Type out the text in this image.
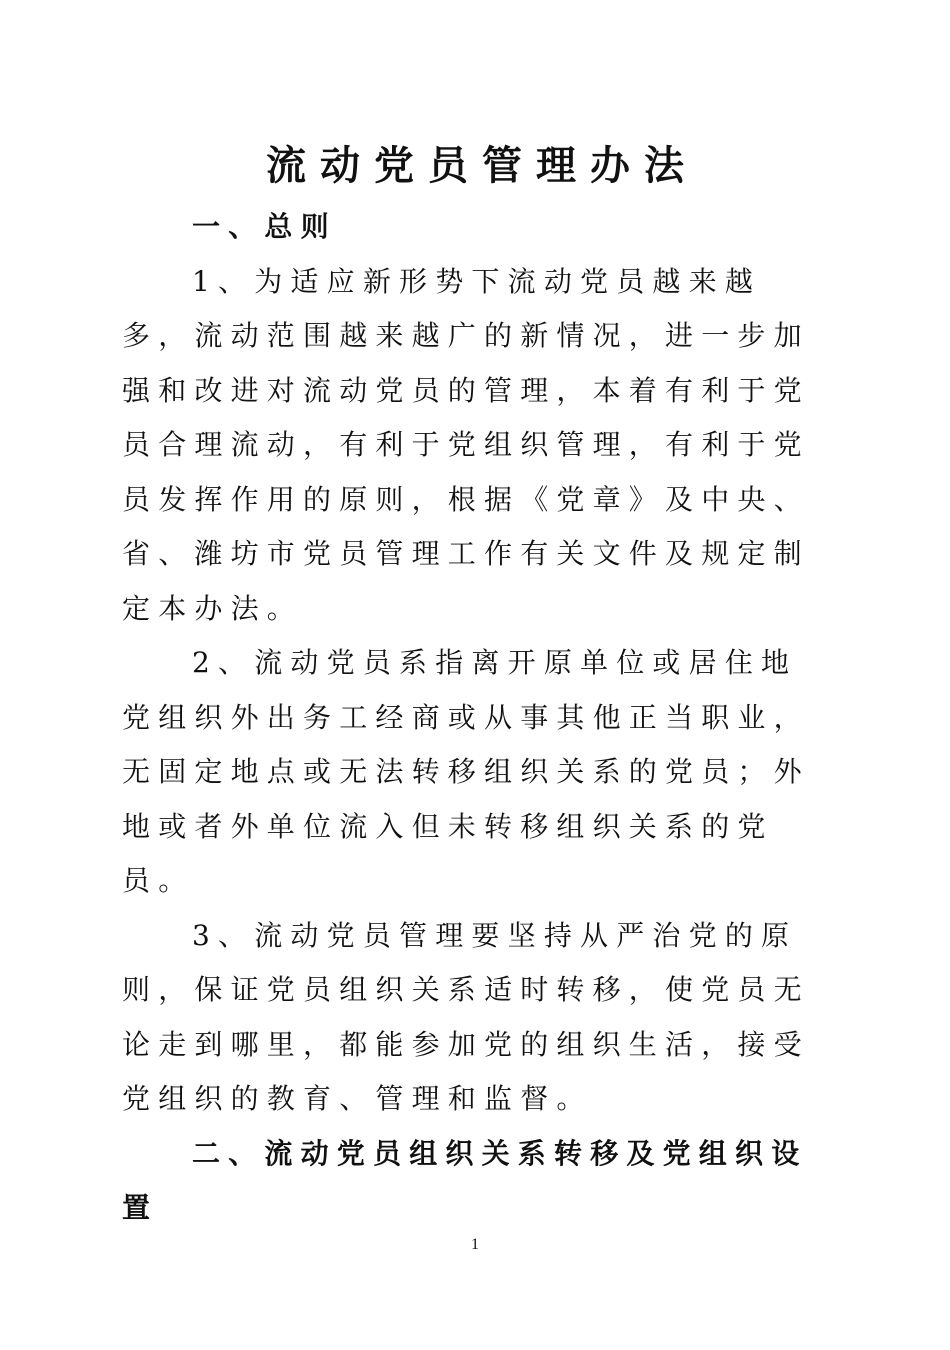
流动党员管理办法

一、总则

1、为适应新形势下流动党员越来越多，流动范围越来越广的新情况，进一步加强和改进对流动党员的管理，本着有利于党员合理流动，有利于党组织管理，有利于党员发挥作用的原则，根据《党章》及中央、省、潍坊市党员管理工作有关文件及规定制定本办法。

2、流动党员系指离开原单位或居住地党组织外出务工经商或从事其他正当职业，无固定地点或无法转移组织关系的党员；外地或者外单位流入但未转移组织关系的党员。

3、流动党员管理要坚持从严治党的原则，保证党员组织关系适时转移，使党员无论走到哪里，都能参加党的组织生活，接受党组织的教育、管理和监督。

二、流动党员组织关系转移及党组织设置

1
